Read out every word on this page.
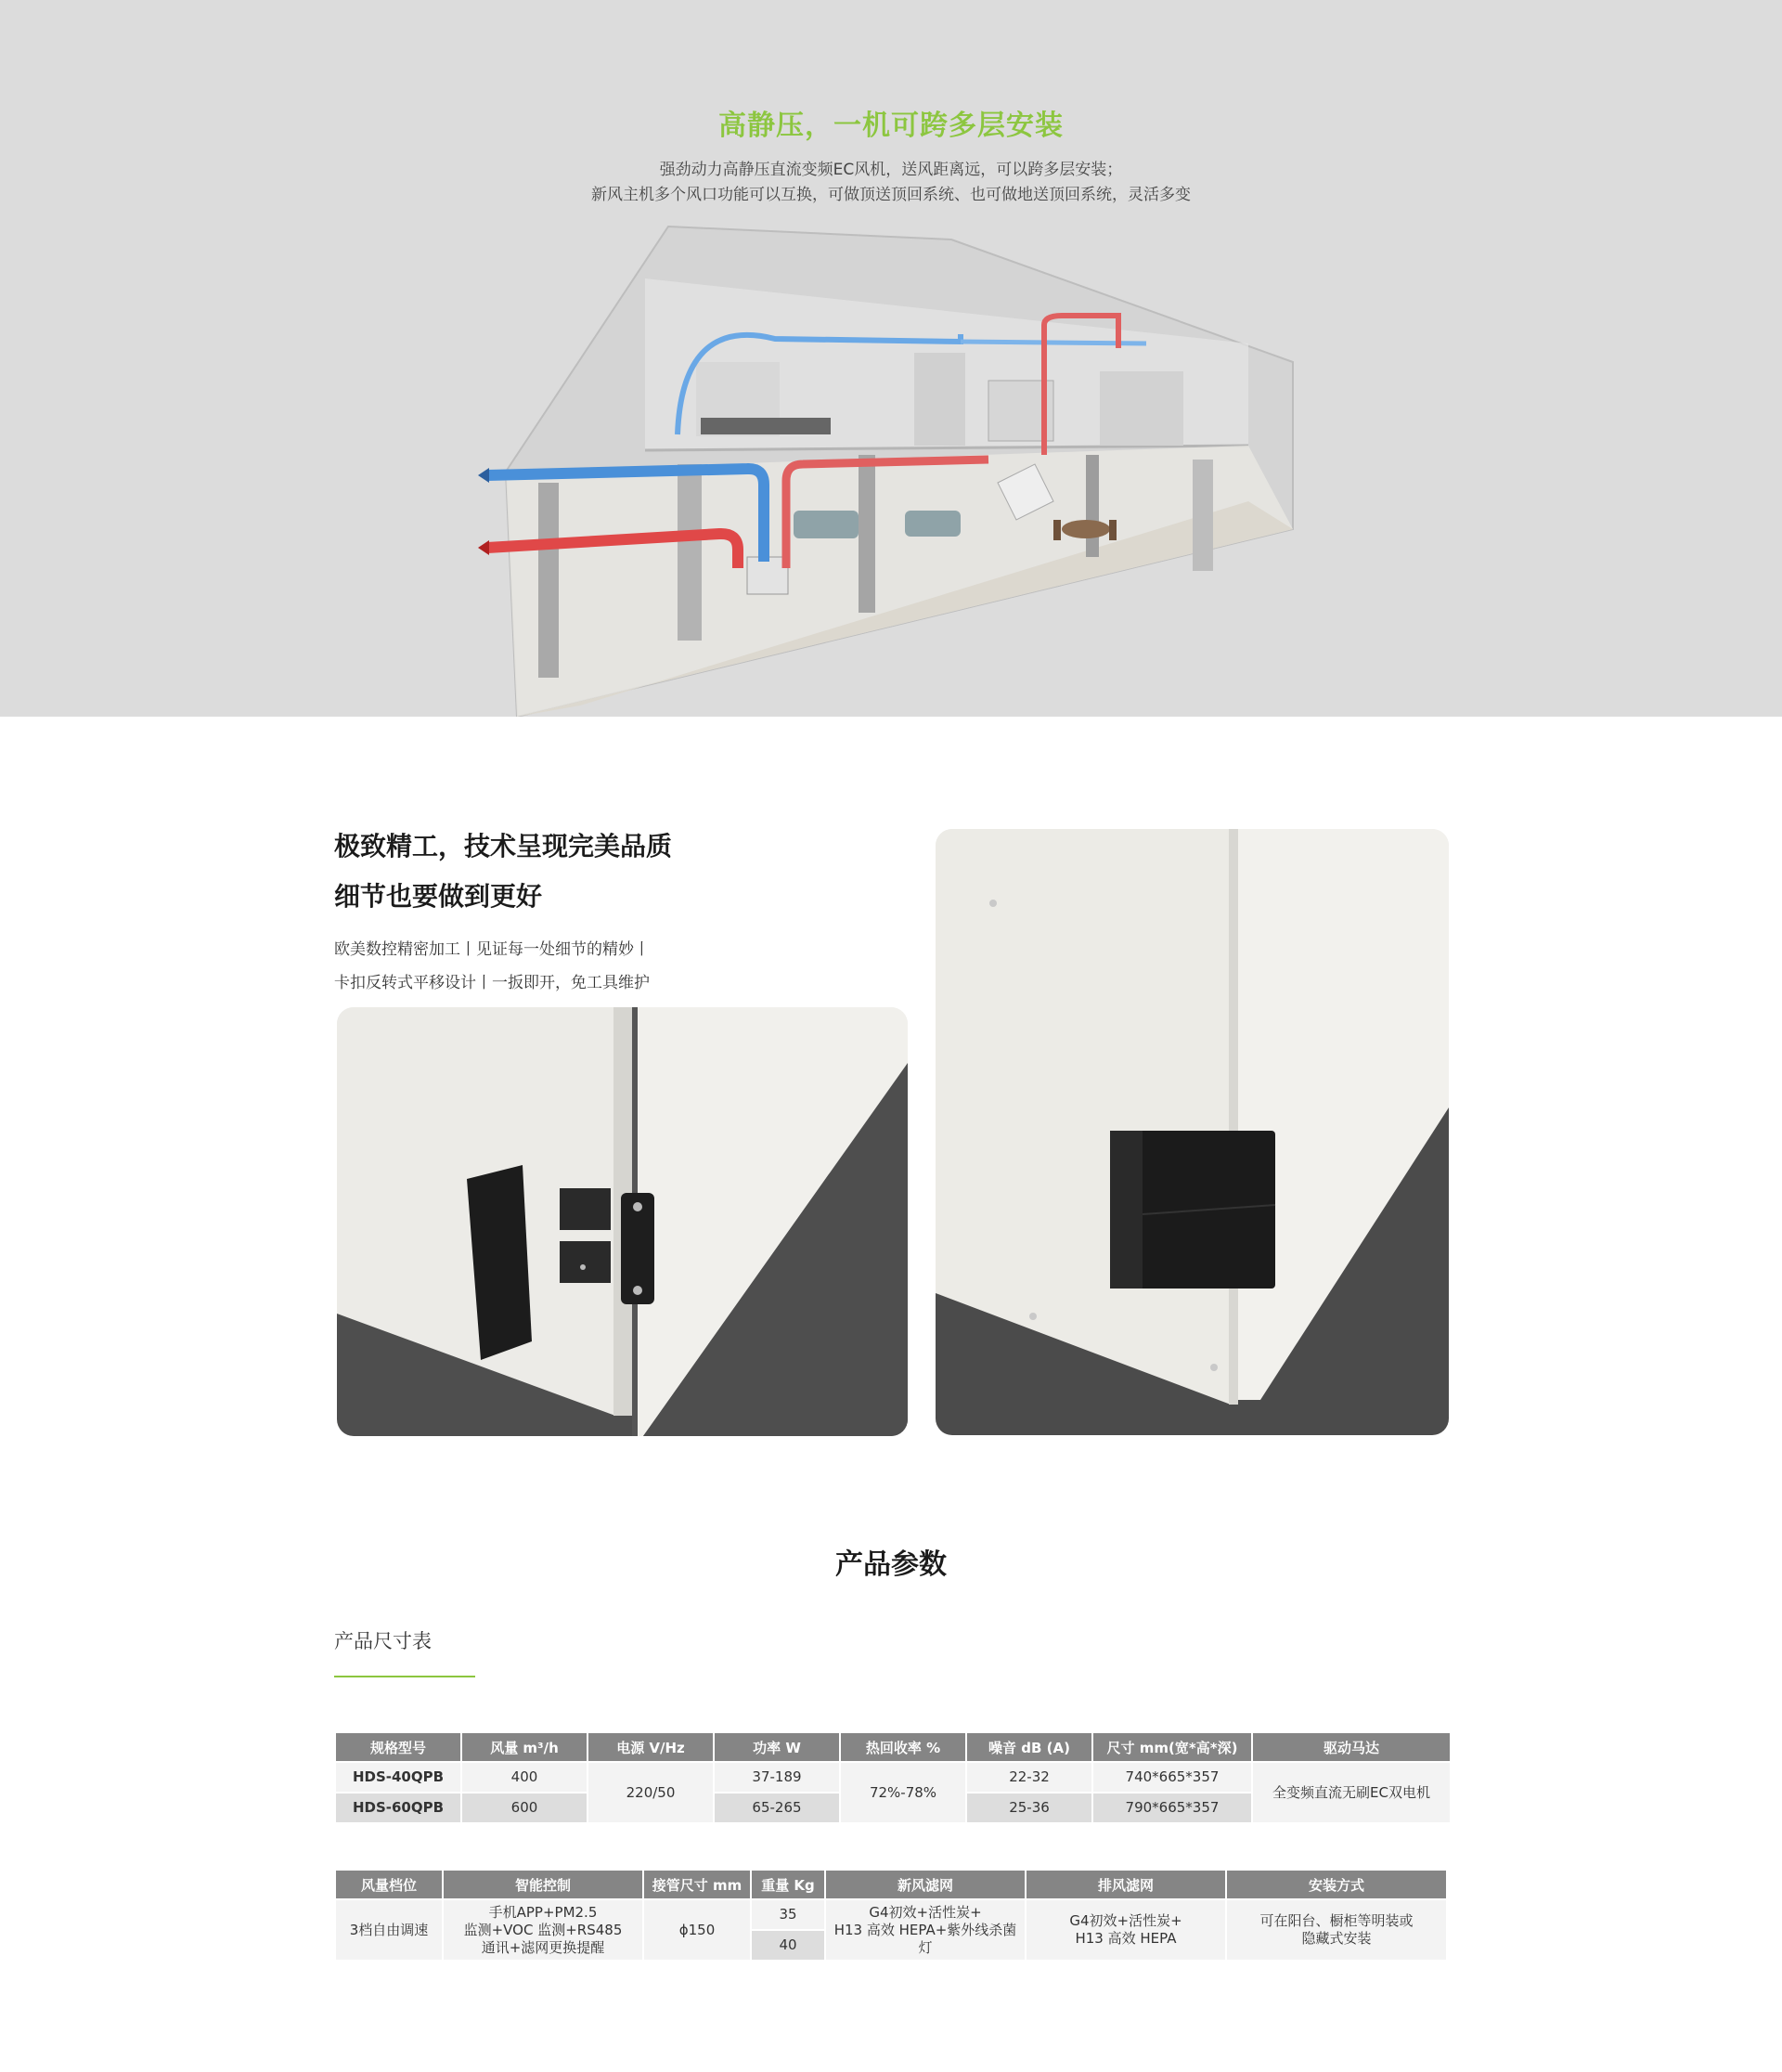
高静压，一机可跨多层安装

强劲动力高静压直流变频EC风机，送风距离远，可以跨多层安装；
新风主机多个风口功能可以互换，可做顶送顶回系统、也可做地送顶回系统，灵活多变

极致精工，技术呈现完美品质
细节也要做到更好

欧美数控精密加工丨见证每一处细节的精妙丨

卡扣反转式平移设计丨一扳即开，免工具维护

产品参数
产品尺寸表
规格型号	风量 m³/h	电源 V/Hz	功率 W	热回收率 %	噪音 dB (A)	尺寸 mm(宽*高*深)	驱动马达
HDS-40QPB	400	220/50	37-189	72%-78%	22-32	740*665*357	全变频直流无刷EC双电机
HDS-60QPB	600		65-265		25-36	790*665*357	
风量档位	智能控制	接管尺寸 mm	重量 Kg	新风滤网	排风滤网	安装方式
3档自由调速	手机APP+PM2.5
监测+VOC 监测+RS485
通讯+滤网更换提醒	ϕ150	35	G4初效+活性炭+
H13 高效 HEPA+紫外线杀菌灯	G4初效+活性炭+
H13 高效 HEPA	可在阳台、橱柜等明装或
隐藏式安装
			40			
